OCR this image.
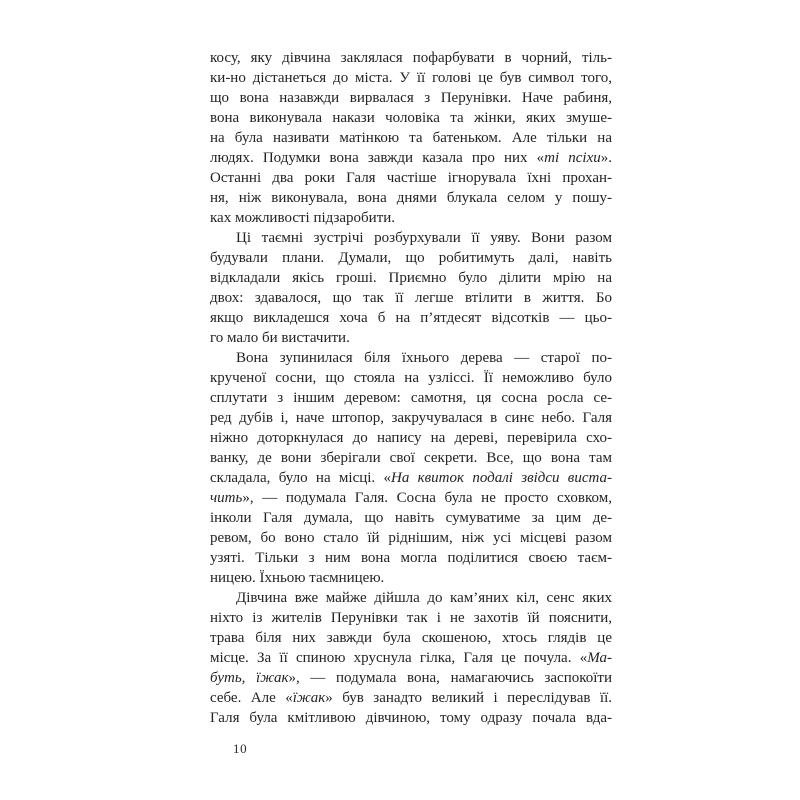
косу, яку дівчина заклялася пофарбувати в чорний, тіль-
ки-но дістанеться до міста. У її голові це був символ того,
що вона назавжди вирвалася з Перунівки. Наче рабиня,
вона виконувала накази чоловіка та жінки, яких змуше-
на була називати матінкою та батеньком. Але тільки на
людях. Подумки вона завжди казала про них «ті псіхи».
Останні два роки Галя частіше ігнорувала їхні прохан-
ня, ніж виконувала, вона днями блукала селом у пошу-
ках можливості підзаробити.
Ці таємні зустрічі розбурхували її уяву. Вони разом
будували плани. Думали, що робитимуть далі, навіть
відкладали якісь гроші. Приємно було ділити мрію на
двох: здавалося, що так її легше втілити в життя. Бо
якщо викладешся хоча б на п’ятдесят відсотків — цьо-
го мало би вистачити.
Вона зупинилася біля їхнього дерева — старої по-
крученої сосни, що стояла на узліссі. Її неможливо було
сплутати з іншим деревом: самотня, ця сосна росла се-
ред дубів і, наче штопор, закручувалася в синє небо. Галя
ніжно доторкнулася до напису на дереві, перевірила схо-
ванку, де вони зберігали свої секрети. Все, що вона там
складала, було на місці. «На квиток подалі звідси виста-
чить», — подумала Галя. Сосна була не просто сховком,
інколи Галя думала, що навіть сумуватиме за цим де-
ревом, бо воно стало їй ріднішим, ніж усі місцеві разом
узяті. Тільки з ним вона могла поділитися своєю таєм-
ницею. Їхньою таємницею.
Дівчина вже майже дійшла до кам’яних кіл, сенс яких
ніхто із жителів Перунівки так і не захотів їй пояснити,
трава біля них завжди була скошеною, хтось глядів це
місце. За її спиною хруснула гілка, Галя це почула. «Ма-
буть, їжак», — подумала вона, намагаючись заспокоїти
себе. Але «їжак» був занадто великий і переслідував її.
Галя була кмітливою дівчиною, тому одразу почала вда-
10
